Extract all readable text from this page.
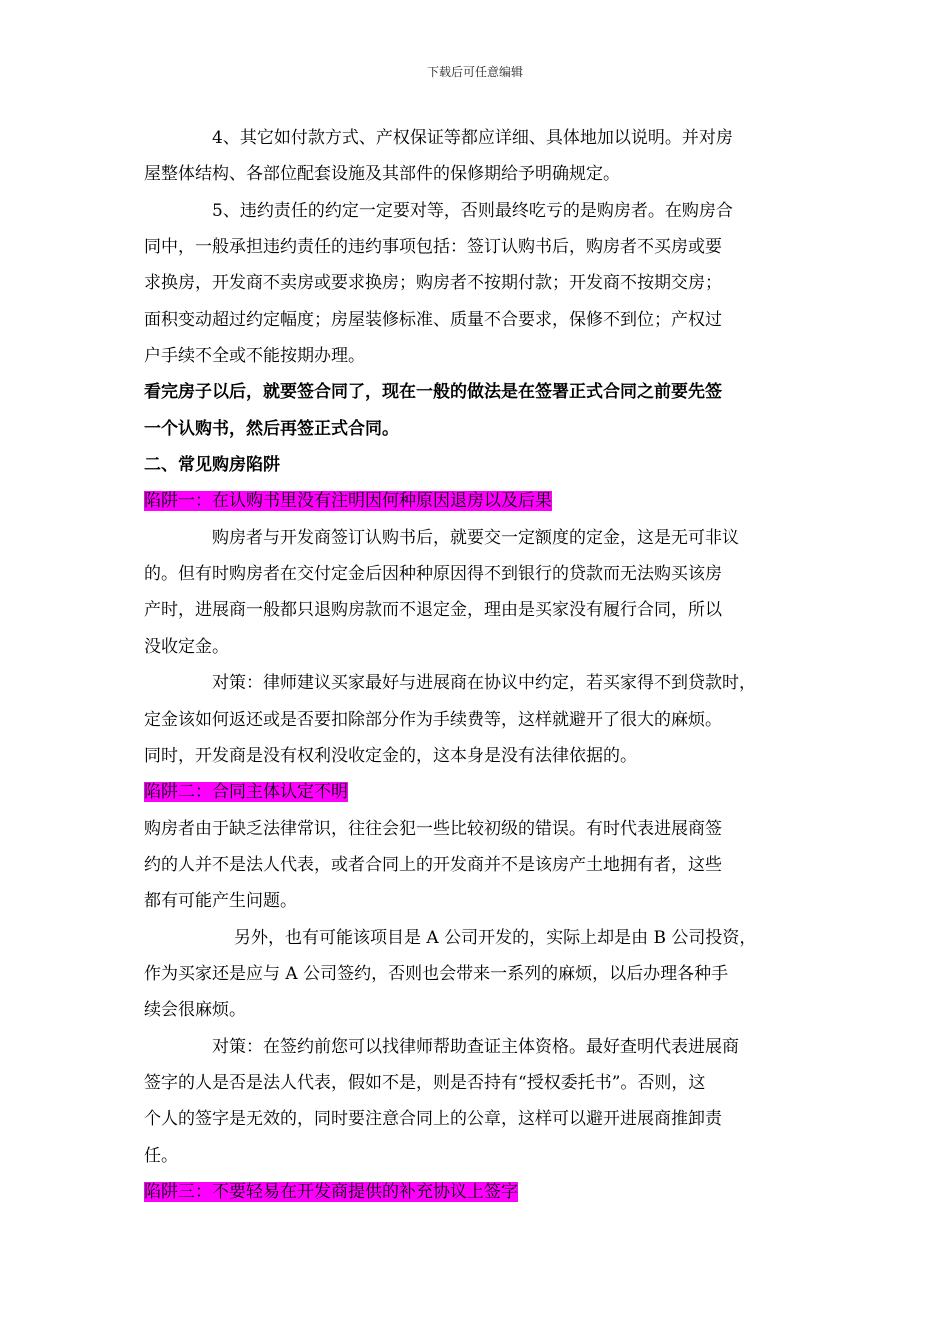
下载后可任意编辑
4、其它如付款方式、产权保证等都应详细、具体地加以说明。并对房
屋整体结构、各部位配套设施及其部件的保修期给予明确规定。
5、违约责任的约定一定要对等，否则最终吃亏的是购房者。在购房合
同中，一般承担违约责任的违约事项包括：签订认购书后，购房者不买房或要
求换房，开发商不卖房或要求换房；购房者不按期付款；开发商不按期交房；
面积变动超过约定幅度；房屋装修标准、质量不合要求，保修不到位；产权过
户手续不全或不能按期办理。
看完房子以后，就要签合同了，现在一般的做法是在签署正式合同之前要先签
一个认购书，然后再签正式合同。
二、常见购房陷阱
陷阱一：在认购书里没有注明因何种原因退房以及后果
购房者与开发商签订认购书后，就要交一定额度的定金，这是无可非议
的。但有时购房者在交付定金后因种种原因得不到银行的贷款而无法购买该房
产时，进展商一般都只退购房款而不退定金，理由是买家没有履行合同，所以
没收定金。
对策：律师建议买家最好与进展商在协议中约定，若买家得不到贷款时，
定金该如何返还或是否要扣除部分作为手续费等，这样就避开了很大的麻烦。
同时，开发商是没有权利没收定金的，这本身是没有法律依据的。
陷阱二：合同主体认定不明
购房者由于缺乏法律常识，往往会犯一些比较初级的错误。有时代表进展商签
约的人并不是法人代表，或者合同上的开发商并不是该房产土地拥有者，这些
都有可能产生问题。
另外，也有可能该项目是 A 公司开发的，实际上却是由 B 公司投资，
作为买家还是应与 A 公司签约，否则也会带来一系列的麻烦，以后办理各种手
续会很麻烦。
对策：在签约前您可以找律师帮助查证主体资格。最好查明代表进展商
签字的人是否是法人代表，假如不是，则是否持有“授权委托书”。否则，这
个人的签字是无效的，同时要注意合同上的公章，这样可以避开进展商推卸责
任。
陷阱三：不要轻易在开发商提供的补充协议上签字
